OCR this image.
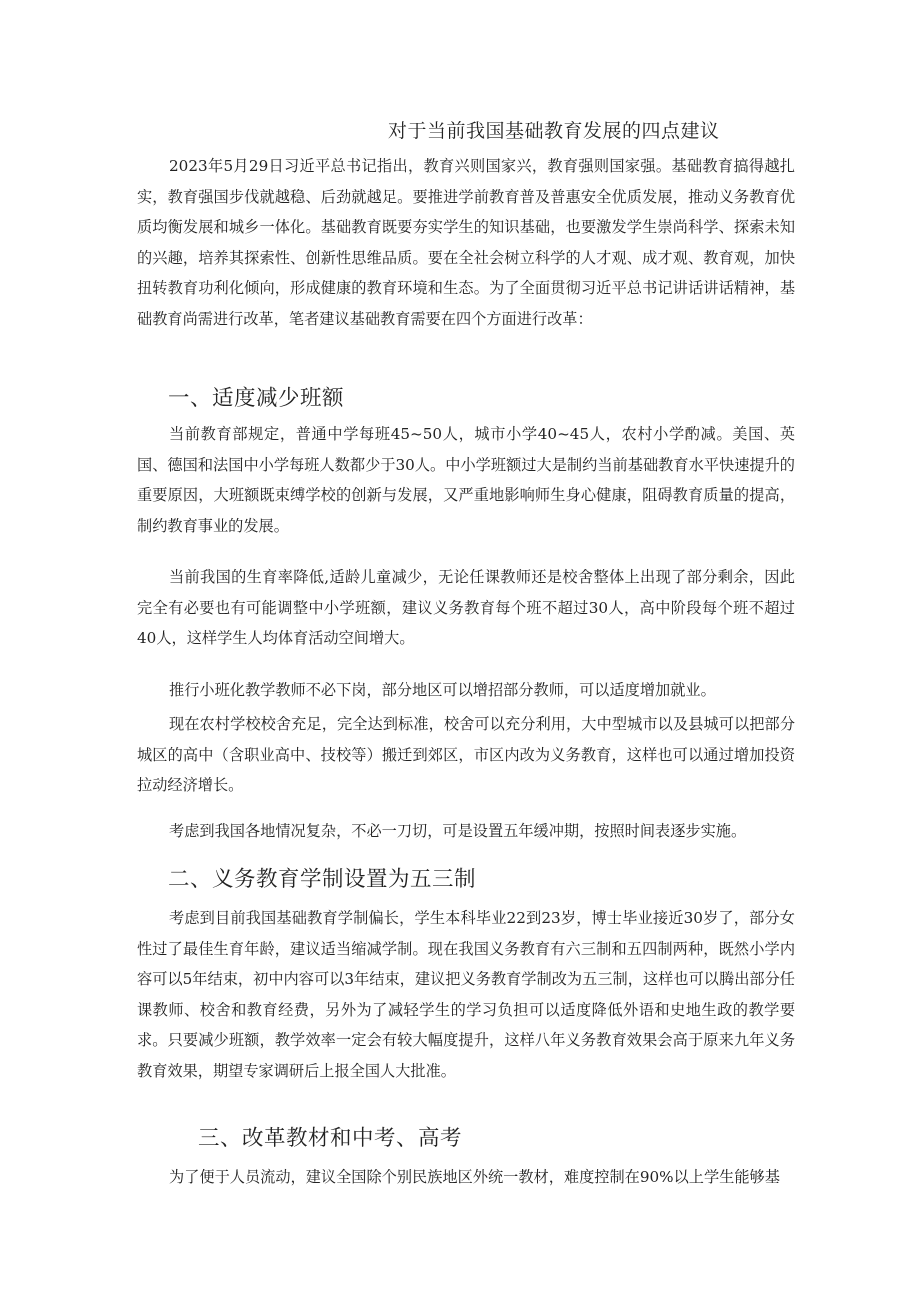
对于当前我国基础教育发展的四点建议

2023年5月29日习近平总书记指出，教育兴则国家兴，教育强则国家强。基础教育搞得越扎实，教育强国步伐就越稳、后劲就越足。要推进学前教育普及普惠安全优质发展，推动义务教育优质均衡发展和城乡一体化。基础教育既要夯实学生的知识基础，也要激发学生崇尚科学、探索未知的兴趣，培养其探索性、创新性思维品质。要在全社会树立科学的人才观、成才观、教育观，加快扭转教育功利化倾向，形成健康的教育环境和生态。为了全面贯彻习近平总书记讲话讲话精神，基础教育尚需进行改革，笔者建议基础教育需要在四个方面进行改革：

一、适度减少班额

当前教育部规定，普通中学每班45~50人，城市小学40~45人，农村小学酌减。美国、英国、德国和法国中小学每班人数都少于30人。中小学班额过大是制约当前基础教育水平快速提升的重要原因，大班额既束缚学校的创新与发展，又严重地影响师生身心健康，阻碍教育质量的提高，制约教育事业的发展。

当前我国的生育率降低,适龄儿童减少，无论任课教师还是校舍整体上出现了部分剩余，因此完全有必要也有可能调整中小学班额，建议义务教育每个班不超过30人，高中阶段每个班不超过40人，这样学生人均体育活动空间增大。

推行小班化教学教师不必下岗，部分地区可以增招部分教师，可以适度增加就业。

现在农村学校校舍充足，完全达到标准，校舍可以充分利用，大中型城市以及县城可以把部分城区的高中（含职业高中、技校等）搬迁到郊区，市区内改为义务教育，这样也可以通过增加投资拉动经济增长。

考虑到我国各地情况复杂，不必一刀切，可是设置五年缓冲期，按照时间表逐步实施。

二、义务教育学制设置为五三制

考虑到目前我国基础教育学制偏长，学生本科毕业22到23岁，博士毕业接近30岁了，部分女性过了最佳生育年龄，建议适当缩减学制。现在我国义务教育有六三制和五四制两种，既然小学内容可以5年结束，初中内容可以3年结束，建议把义务教育学制改为五三制，这样也可以腾出部分任课教师、校舍和教育经费，另外为了减轻学生的学习负担可以适度降低外语和史地生政的教学要求。只要减少班额，教学效率一定会有较大幅度提升，这样八年义务教育效果会高于原来九年义务教育效果，期望专家调研后上报全国人大批准。

三、改革教材和中考、高考

为了便于人员流动，建议全国除个别民族地区外统一教材，难度控制在90%以上学生能够基
